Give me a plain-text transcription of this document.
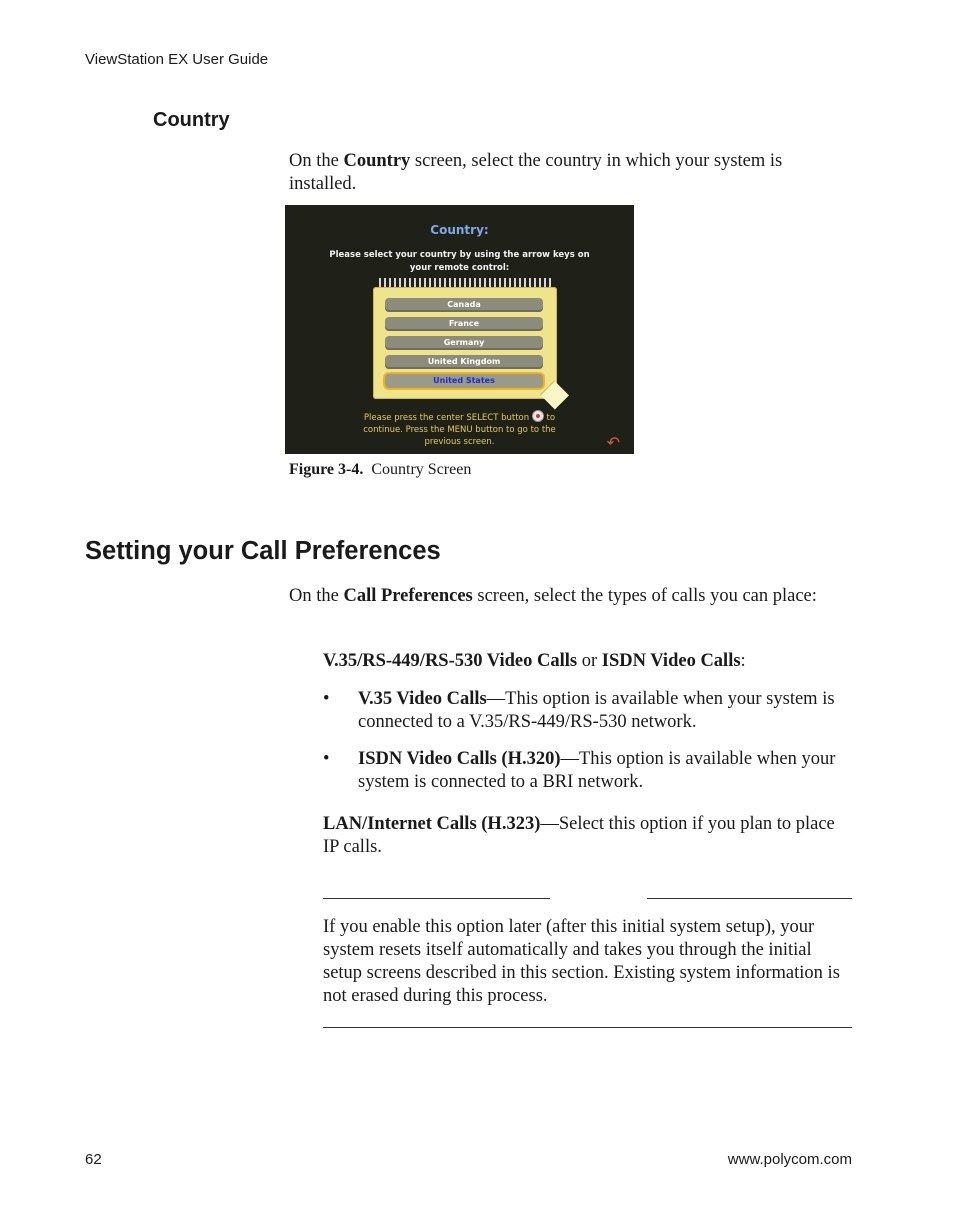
ViewStation EX User Guide
Country
On the Country screen, select the country in which your system is installed.
Country:
Please select your country by using the arrow keys on
your remote control:
Canada
France
Germany
United Kingdom
United States
Please press the center SELECT button to
continue. Press the MENU button to go to the
previous screen.	↶
Figure 3-4. Country Screen
Setting your Call Preferences
On the Call Preferences screen, select the types of calls you can place:
V.35/RS-449/RS-530 Video Calls or ISDN Video Calls:
• V.35 Video Calls—This option is available when your system is connected to a V.35/RS-449/RS-530 network.
• ISDN Video Calls (H.320)—This option is available when your system is connected to a BRI network.
LAN/Internet Calls (H.323)—Select this option if you plan to place IP calls.
If you enable this option later (after this initial system setup), your system resets itself automatically and takes you through the initial setup screens described in this section. Existing system information is not erased during this process.
62	www.polycom.com
